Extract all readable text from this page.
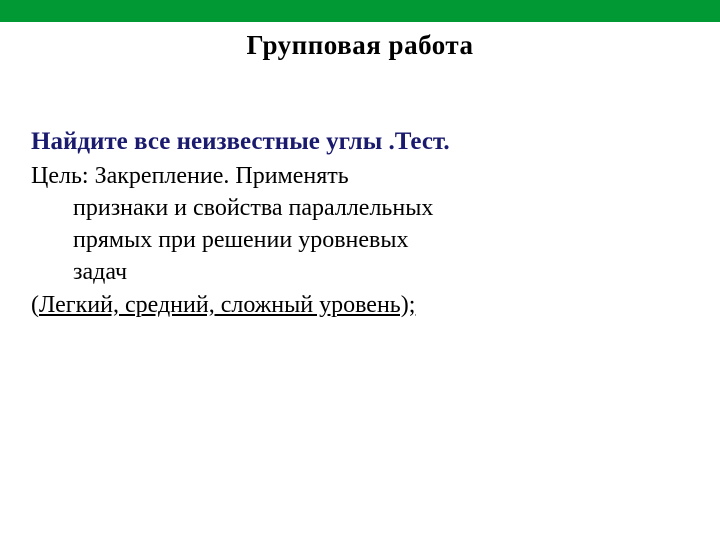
Групповая работа

Найдите все неизвестные углы .Тест.

Цель: Закрепление. Применять

признаки и свойства параллельных

прямых при решении уровневых

задач

(Легкий, средний, сложный уровень);
